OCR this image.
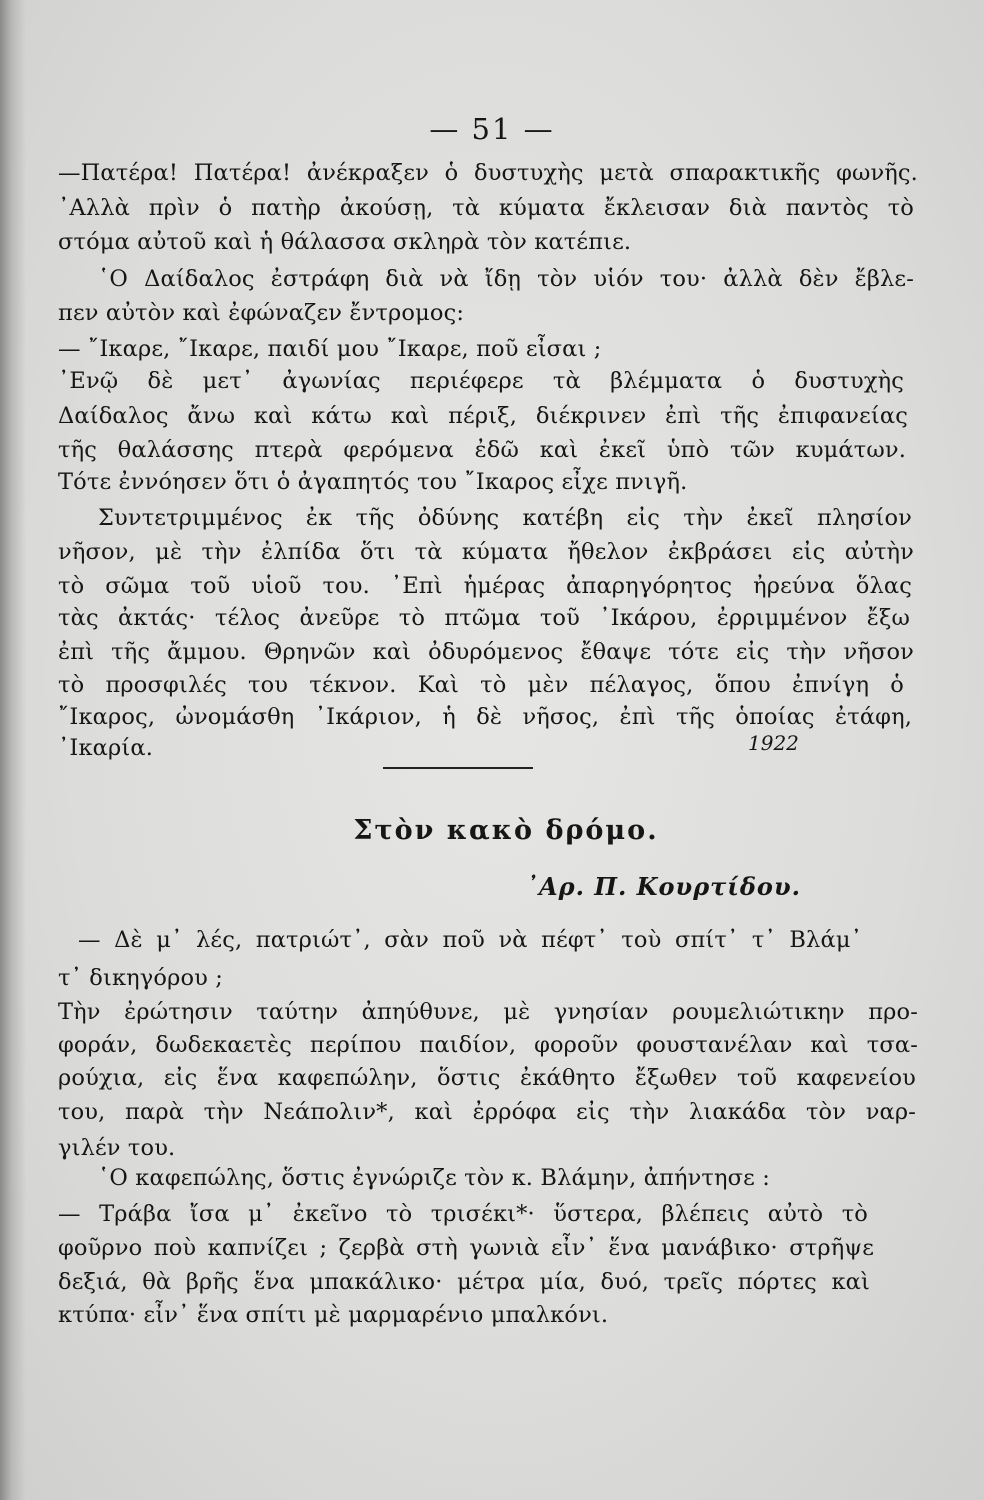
— 51 —
—Πατέρα! Πατέρα! ἀνέκραξεν ὁ δυστυχὴς μετὰ σπαρακτικῆς φωνῆς.
᾿Αλλὰ πρὶν ὁ πατὴρ ἀκούσῃ, τὰ κύματα ἔκλεισαν διὰ παντὸς τὸ
στόμα αὐτοῦ καὶ ἡ θάλασσα σκληρὰ τὸν κατέπιε.
῾Ο Δαίδαλος ἐστράφη διὰ νὰ ἴδῃ τὸν υἱόν του· ἀλλὰ δὲν ἔβλε-
πεν αὐτὸν καὶ ἐφώναζεν ἔντρομος:
— ῎Ικαρε, ῎Ικαρε, παιδί μου ῎Ικαρε, ποῦ εἶσαι ;
᾿Ενῷ δὲ μετ᾿ ἀγωνίας περιέφερε τὰ βλέμματα ὁ δυστυχὴς
Δαίδαλος ἄνω καὶ κάτω καὶ πέριξ, διέκρινεν ἐπὶ τῆς ἐπιφανείας
τῆς θαλάσσης πτερὰ φερόμενα ἐδῶ καὶ ἐκεῖ ὑπὸ τῶν κυμάτων.
Τότε ἐννόησεν ὅτι ὁ ἀγαπητός του ῎Ικαρος εἶχε πνιγῆ.
Συντετριμμένος ἐκ τῆς ὀδύνης κατέβη εἰς τὴν ἐκεῖ πλησίον
νῆσον, μὲ τὴν ἐλπίδα ὅτι τὰ κύματα ἤθελον ἐκβράσει εἰς αὐτὴν
τὸ σῶμα τοῦ υἱοῦ του. ᾿Επὶ ἡμέρας ἀπαρηγόρητος ἠρεύνα ὅλας
τὰς ἀκτάς· τέλος ἀνεῦρε τὸ πτῶμα τοῦ ᾿Ικάρου, ἐρριμμένον ἔξω
ἐπὶ τῆς ἄμμου. Θρηνῶν καὶ ὀδυρόμενος ἔθαψε τότε εἰς τὴν νῆσον
τὸ προσφιλές του τέκνον. Καὶ τὸ μὲν πέλαγος, ὅπου ἐπνίγη ὁ
῎Ικαρος, ὠνομάσθη ᾿Ικάριον, ἡ δὲ νῆσος, ἐπὶ τῆς ὁποίας ἐτάφη,
᾿Ικαρία.	1922
Στὸν κακὸ δρόμο.
᾿Αρ. Π. Κουρτίδου.
— Δὲ μ᾿ λές, πατριώτ᾿, σὰν ποῦ νὰ πέφτ᾿ τοὺ σπίτ᾿ τ᾿ Βλάμ᾿
τ᾿ δικηγόρου ;
Τὴν ἐρώτησιν ταύτην ἀπηύθυνε, μὲ γνησίαν ρουμελιώτικην προ-
φοράν, δωδεκαετὲς περίπου παιδίον, φοροῦν φουστανέλαν καὶ τσα-
ρούχια, εἰς ἕνα καφεπώλην, ὅστις ἐκάθητο ἔξωθεν τοῦ καφενείου
του, παρὰ τὴν Νεάπολιν*, καὶ ἐρρόφα εἰς τὴν λιακάδα τὸν ναρ-
γιλέν του.
῾Ο καφεπώλης, ὅστις ἐγνώριζε τὸν κ. Βλάμην, ἀπήντησε :
— Τράβα ἴσα μ᾿ ἐκεῖνο τὸ τρισέκι*· ὕστερα, βλέπεις αὐτὸ τὸ
φοῦρνο ποὺ καπνίζει ; ζερβὰ στὴ γωνιὰ εἶν᾿ ἕνα μανάβικο· στρῆψε
δεξιά, θὰ βρῆς ἕνα μπακάλικο· μέτρα μία, δυό, τρεῖς πόρτες καὶ
κτύπα· εἶν᾿ ἕνα σπίτι μὲ μαρμαρένιο μπαλκόνι.
